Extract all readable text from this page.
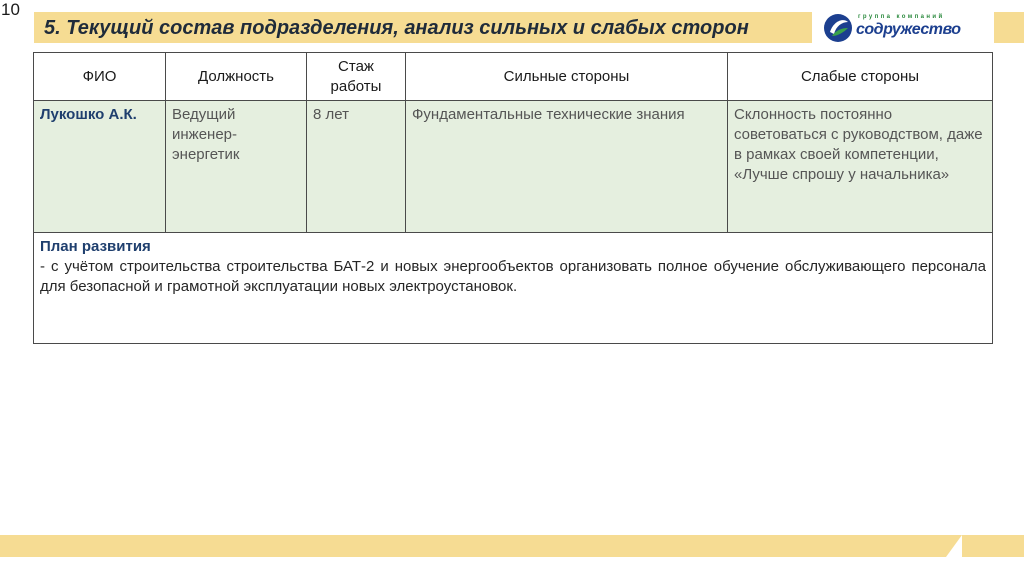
10
5. Текущий состав подразделения, анализ сильных и слабых сторон	группа компаний
содружество
ФИО	Должность	Стаж работы	Сильные стороны	Слабые стороны
Лукошко А.К.	Ведущий инженер-энергетик	8 лет	Фундаментальные технические знания	Склонность постоянно советоваться с руководством, даже в рамках своей компетенции, «Лучше спрошу у начальника»

План развития
- с учётом строительства строительства БАТ-2 и новых энергообъектов организовать полное обучение обслуживающего персонала для безопасной и грамотной эксплуатации новых электроустановок.				
